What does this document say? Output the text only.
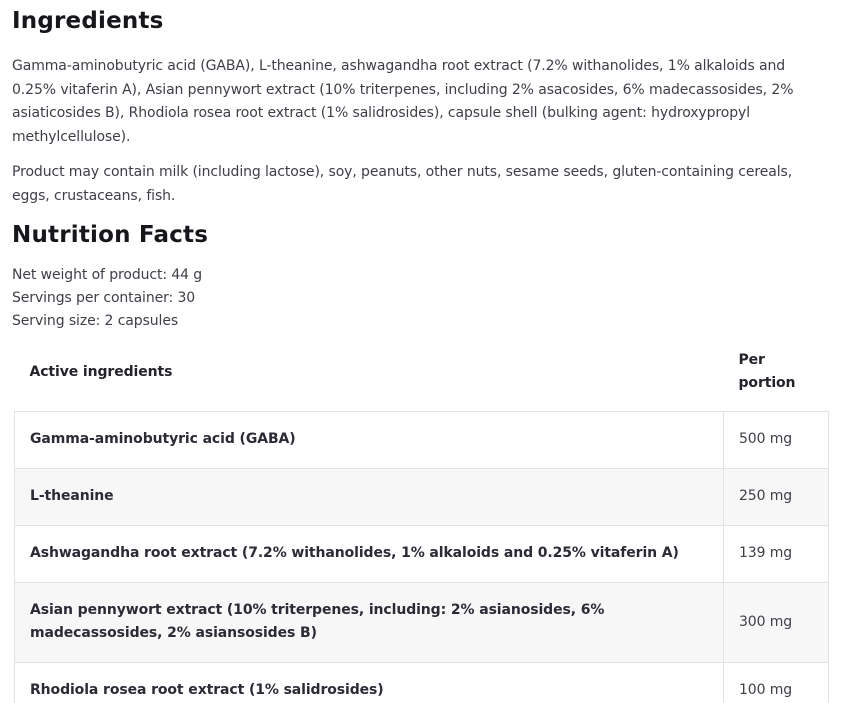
Ingredients

Gamma-aminobutyric acid (GABA), L-theanine, ashwagandha root extract (7.2% withanolides, 1% alkaloids and 0.25% vitaferin A), Asian pennywort extract (10% triterpenes, including 2% asacosides, 6% madecassosides, 2% asiaticosides B), Rhodiola rosea root extract (1% salidrosides), capsule shell (bulking agent: hydroxypropyl methylcellulose).

Product may contain milk (including lactose), soy, peanuts, other nuts, sesame seeds, gluten-containing cereals, eggs, crustaceans, fish.

Nutrition Facts
Net weight of product: 44 g
Servings per container: 30
Serving size: 2 capsules
Active ingredients	Per portion
Gamma-aminobutyric acid (GABA)	500 mg
L-theanine	250 mg
Ashwagandha root extract (7.2% withanolides, 1% alkaloids and 0.25% vitaferin A)	139 mg
Asian pennywort extract (10% triterpenes, including: 2% asianosides, 6% madecassosides, 2% asiansosides B)	300 mg
Rhodiola rosea root extract (1% salidrosides)	100 mg
